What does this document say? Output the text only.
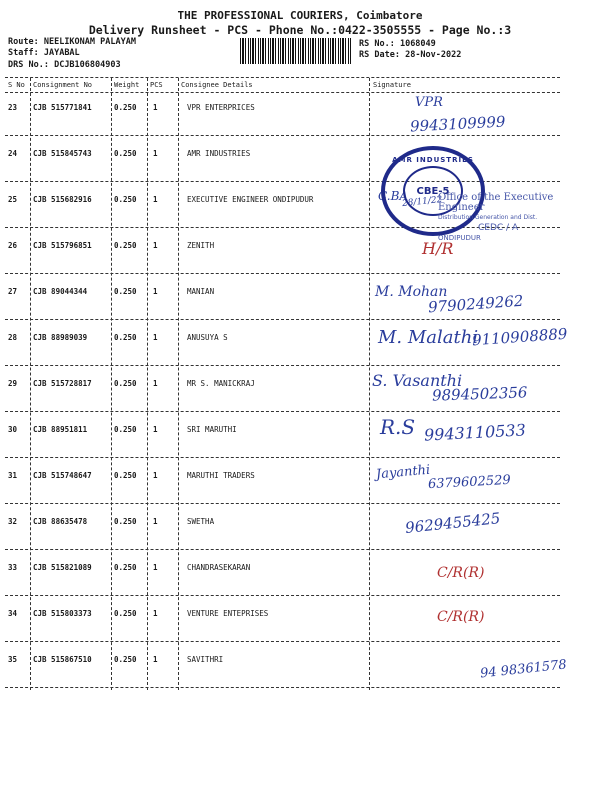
THE PROFESSIONAL COURIERS, Coimbatore
Delivery Runsheet - PCS - Phone No.:0422-3505555 - Page No.:3
Route: NEELIKONAM PALAYAM
Staff: JAYABAL
DRS No.: DCJB106804903
RS No.: 1068049
RS Date: 28-Nov-2022
S No Consignment No	Weight PCS	Consignee Details	Signature
23 CJB 515771841	0.250 1	VPR ENTERPRICES	VPR
9943109999
24 CJB 515845743	0.250 1	AMR INDUSTRIES
25 CJB 515682916	0.250 1	EXECUTIVE ENGINEER ONDIPUDUR	C.BA
28/11/22
26 CJB 515796851	0.250 1	ZENITH	H/R
27 CJB 89044344	0.250 1	MANIAN	M. Mohan
9790249262
28 CJB 88989039	0.250 1	ANUSUYA S	M. Malathi
9110908889
29 CJB 515728817	0.250 1	MR S. MANICKRAJ	S. Vasanthi
9894502356
30 CJB 88951811	0.250 1	SRI MARUTHI	R.S 9943110533
31 CJB 515748647	0.250 1	MARUTHI TRADERS	Jayanthi
6379602529
32 CJB 88635478	0.250 1	SWETHA	9629455425
33 CJB 515821089	0.250 1	CHANDRASEKARAN	C/R(R)
34 CJB 515803373	0.250 1	VENTURE ENTEPRISES	C/R(R)
35 CJB 515867510	0.250 1	SAVITHRI	94 98361578
AMR INDUSTRIES
CBE-5
Office of the Executive Engineer
Distribution Generation and Dist.
CEDC / A
ONDIPUDUR
